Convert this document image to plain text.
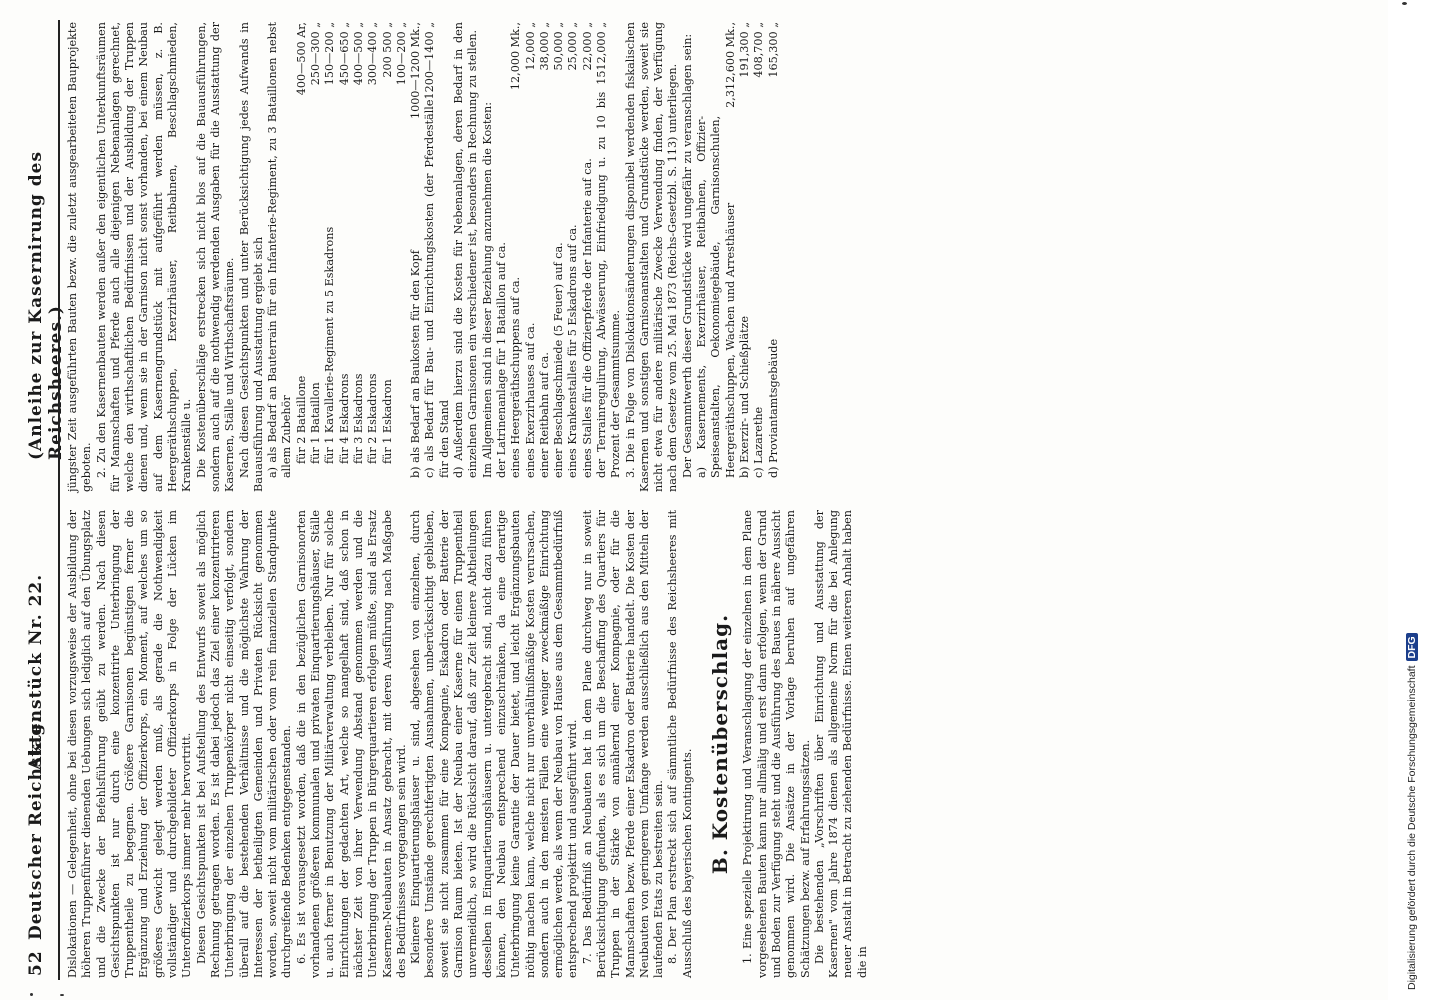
52
Deutscher Reichstag.
Aktenstück Nr. 22.
(Anleihe zur Kasernirung des Reichsheeres.)

Dislokationen — Gelegenheit, ohne bei diesen vorzugsweise der Ausbildung der höheren Truppenführer dienenden Uebungen sich lediglich auf den Übungsplatz und die Zwecke der Befehlsführung geübt zu werden. Nach diesen Gesichtspunkten ist nur durch eine konzentrirte Unterbringung der Truppentheile zu begegnen. Größere Garnisonen begünstigen ferner die Ergänzung und Erziehung der Offizierkorps, ein Moment, auf welches um so größeres Gewicht gelegt werden muß, als gerade die Nothwendigkeit vollständiger und durchgebildeter Offizierkorps in Folge der Lücken im Unteroffizierkorps immer mehr hervortritt. Diesen Gesichtspunkten ist bei Aufstellung des Entwurfs soweit als möglich Rechnung getragen worden. Es ist dabei jedoch das Ziel einer konzentrirteren Unterbringung der einzelnen Truppenkörper nicht einseitig verfolgt, sondern überall auf die bestehenden Verhältnisse und die möglichste Wahrung der Interessen der betheiligten Gemeinden und Privaten Rücksicht genommen worden, soweit nicht vom militärischen oder vom rein finanziellen Standpunkte durchgreifende Bedenken entgegenstanden. 6. Es ist vorausgesetzt worden, daß die in den bezüglichen Garnisonorten vorhandenen größeren kommunalen und privaten Einquartierungshäuser, Ställe u. auch ferner in Benutzung der Militärverwaltung verbleiben. Nur für solche Einrichtungen der gedachten Art, welche so mangelhaft sind, daß schon in nächster Zeit von ihrer Verwendung Abstand genommen werden und die Unterbringung der Truppen in Bürgerquartieren erfolgen müßte, sind als Ersatz Kasernen-Neubauten in Ansatz gebracht, mit deren Ausführung nach Maßgabe des Bedürfnisses vorgegangen sein wird. Kleinere Einquartierungshäuser u. sind, abgesehen von einzelnen, durch besondere Umstände gerechtfertigten Ausnahmen, unberücksichtigt geblieben, soweit sie nicht zusammen für eine Kompagnie, Eskadron oder Batterie der Garnison Raum bieten. Ist der Neubau einer Kaserne für einen Truppentheil unvermeidlich, so wird die Rücksicht darauf, daß zur Zeit kleinere Abtheilungen desselben in Einquartierungshäusern u. untergebracht sind, nicht dazu führen können, den Neubau entsprechend einzuschränken, da eine derartige Unterbringung keine Garantie der Dauer bietet, und leicht Ergänzungsbauten nöthig machen kann, welche nicht nur unverhältnißmäßige Kosten verursachen, sondern auch in den meisten Fällen eine weniger zweckmäßige Einrichtung ermöglichen werde, als wenn der Neubau von Hause aus dem Gesammtbedürfniß entsprechend projektirt und ausgeführt wird. 7. Das Bedürfniß an Neubauten hat in dem Plane durchweg nur in soweit Berücksichtigung gefunden, als es sich um die Beschaffung des Quartiers für Truppen in der Stärke von annähernd einer Kompagnie, oder für die Mannschaften bezw. Pferde einer Eskadron oder Batterie handelt. Die Kosten der Neubauten von geringerem Umfange werden ausschließlich aus den Mitteln der laufenden Etats zu bestreiten sein. 8. Der Plan erstreckt sich auf sämmtliche Bedürfnisse des Reichsheeres mit Ausschluß des bayerischen Kontingents. B. Kostenüberschlag. 1. Eine spezielle Projektirung und Veranschlagung der einzelnen in dem Plane vorgesehenen Bauten kann nur allmälig und erst dann erfolgen, wenn der Grund und Boden zur Verfügung steht und die Ausführung des Baues in nähere Aussicht genommen wird. Die Ansätze in der Vorlage beruhen auf ungefähren Schätzungen bezw. auf Erfahrungssätzen. Die bestehenden „Vorschriften über Einrichtung und Ausstattung der Kasernen" vom Jahre 1874 dienen als allgemeine Norm für die bei Anlegung neuer Anstalt in Betracht zu ziehenden Bedürfnisse. Einen weiteren Anhalt haben die in

jüngster Zeit ausgeführten Bauten bezw. die zuletzt ausgearbeiteten Bauprojekte geboten. 2. Zu den Kasernenbauten werden außer den eigentlichen Unterkunftsräumen für Mannschaften und Pferde auch alle diejenigen Nebenanlagen gerechnet, welche den wirthschaftlichen Bedürfnissen und der Ausbildung der Truppen dienen und, wenn sie in der Garnison nicht sonst vorhanden, bei einem Neubau auf dem Kasernengrundstück mit aufgeführt werden müssen, z. B. Heergeräthschuppen, Exerzirhäuser, Reitbahnen, Beschlagschmieden, Krankenställe u. Die Kostenüberschläge erstrecken sich nicht blos auf die Bauausführungen, sondern auch auf die nothwendig werdenden Ausgaben für die Ausstattung der Kasernen, Ställe und Wirthschaftsräume. Nach diesen Gesichtspunkten und unter Berücksichtigung jedes Aufwands in Bauausführung und Ausstattung ergiebt sich a) als Bedarf an Bauterrain für ein Infanterie-Regiment, zu 3 Bataillonen nebst allem Zubehör für 2 Bataillone
400—500 Ar,
für 1 Bataillon
250—300 „
für 1 Kavallerie-Regiment zu 5 Eskadrons
150—200 „
für 4 Eskadrons
450—650 „
für 3 Eskadrons
400—500 „
für 2 Eskadrons
300—400 „
für 1 Eskadron
200 500 „ 100—200 „
b) als Bedarf an Baukosten für den Kopf
1000—1200 Mk.,
c) als Bedarf für Bau- und Einrichtungskosten (der Pferdeställe für den Stand
1200—1400 „	d) Außerdem hierzu sind die Kosten für Nebenanlagen, deren Bedarf in den einzelnen Garnisonen ein verschiedener ist, besonders in Rechnung zu stellen. Im Allgemeinen sind in dieser Beziehung anzunehmen die Kosten: der Latrinenanlage für 1 Bataillon auf ca. eines Heergeräthschuppens auf ca.
12,000 Mk.,
eines Exerzirhauses auf ca.
12,000 „
einer Reitbahn auf ca.
38,000 „
einer Beschlagschmiede (5 Feuer) auf ca.
50,000 „
eines Krankenstalles für 5 Eskadrons auf ca.
25,000 „
eines Stalles für die Offizierpferde der Infanterie auf ca.
22,000 „
der Terrainregulirung, Abwässerung, Einfriedigung u. zu 10 bis 15 Prozent der Gesammtsumme.
12,000 „	3. Die in Folge von Dislokationsänderungen disponibel werdenden fiskalischen Kasernen und sonstigen Garnisonanstalten und Grundstücke werden, soweit sie nicht etwa für andere militärische Zwecke Verwendung finden, der Verfügung nach dem Gesetze vom 25. Mai 1873 (Reichs-Gesetzbl. S. 113) unterliegen. Der Gesammtwerth dieser Grundstücke wird ungefähr zu veranschlagen sein: a) Kasernements, Exerzirhäuser, Reitbahnen, Offizier-Speiseanstalten, Oekonomiegebäude, Garnisonschulen, Heergeräthschuppen, Wachen und Arresthäuser
2,312,600 Mk.,
b) Exerzir- und Schießplätze
191,300 „
c) Lazarethe
408,700 „
d) Proviantamtsgebäude
165,300 „
Digitalisierung gefördert durch die Deutsche ForschungsgemeinschaftDFG
